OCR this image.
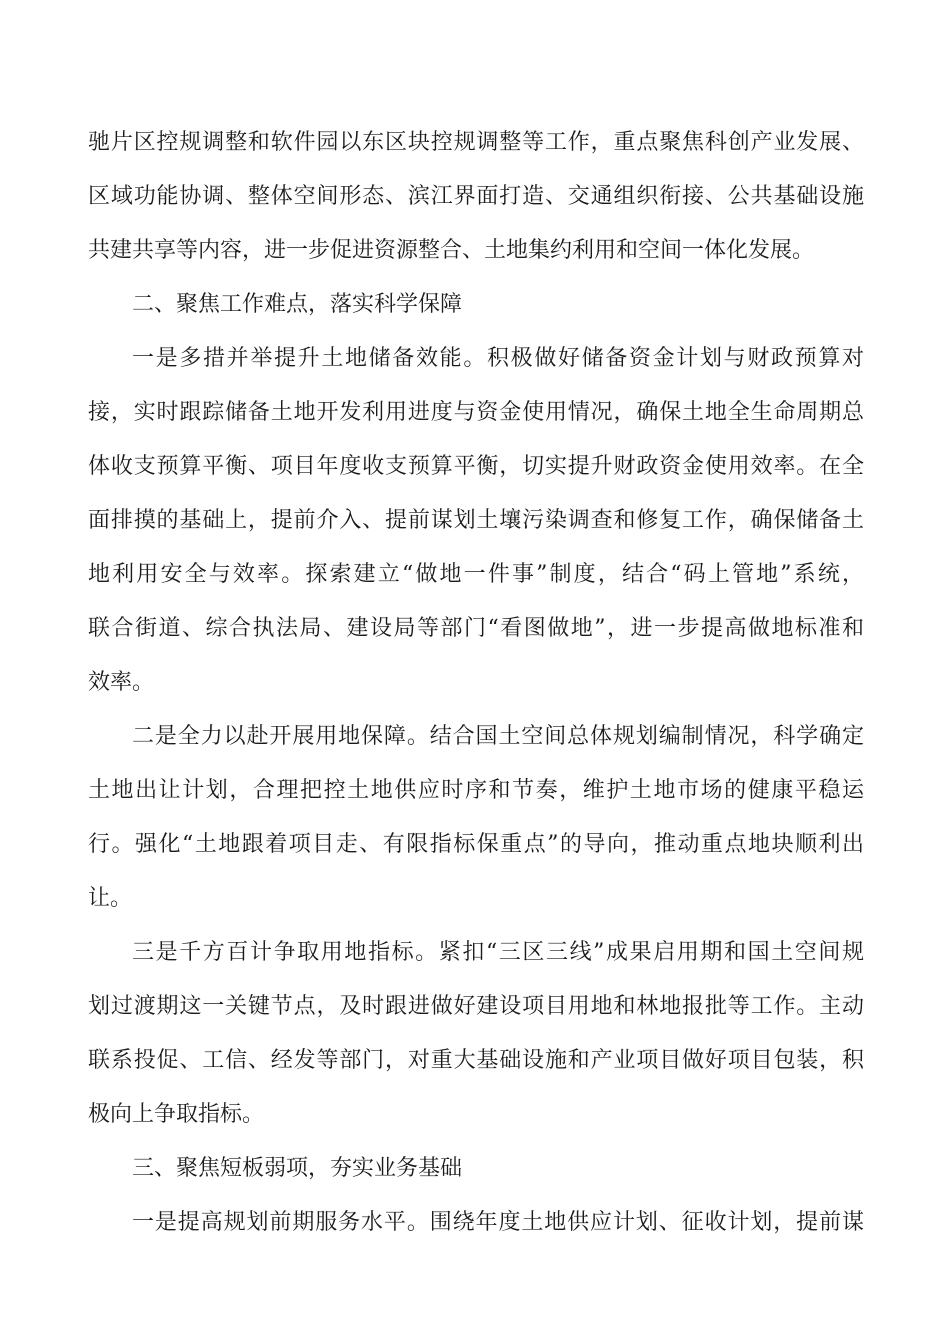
驰片区控规调整和软件园以东区块控规调整等工作，重点聚焦科创产业发展、
区域功能协调、整体空间形态、滨江界面打造、交通组织衔接、公共基础设施
共建共享等内容，进一步促进资源整合、土地集约利用和空间一体化发展。
二、聚焦工作难点，落实科学保障
一是多措并举提升土地储备效能。积极做好储备资金计划与财政预算对
接，实时跟踪储备土地开发利用进度与资金使用情况，确保土地全生命周期总
体收支预算平衡、项目年度收支预算平衡，切实提升财政资金使用效率。在全
面排摸的基础上，提前介入、提前谋划土壤污染调查和修复工作，确保储备土
地利用安全与效率。探索建立“做地一件事”制度，结合“码上管地”系统，
联合街道、综合执法局、建设局等部门“看图做地”，进一步提高做地标准和
效率。
二是全力以赴开展用地保障。结合国土空间总体规划编制情况，科学确定
土地出让计划，合理把控土地供应时序和节奏，维护土地市场的健康平稳运
行。强化“土地跟着项目走、有限指标保重点”的导向，推动重点地块顺利出
让。
三是千方百计争取用地指标。紧扣“三区三线”成果启用期和国土空间规
划过渡期这一关键节点，及时跟进做好建设项目用地和林地报批等工作。主动
联系投促、工信、经发等部门，对重大基础设施和产业项目做好项目包装，积
极向上争取指标。
三、聚焦短板弱项，夯实业务基础
一是提高规划前期服务水平。围绕年度土地供应计划、征收计划，提前谋
